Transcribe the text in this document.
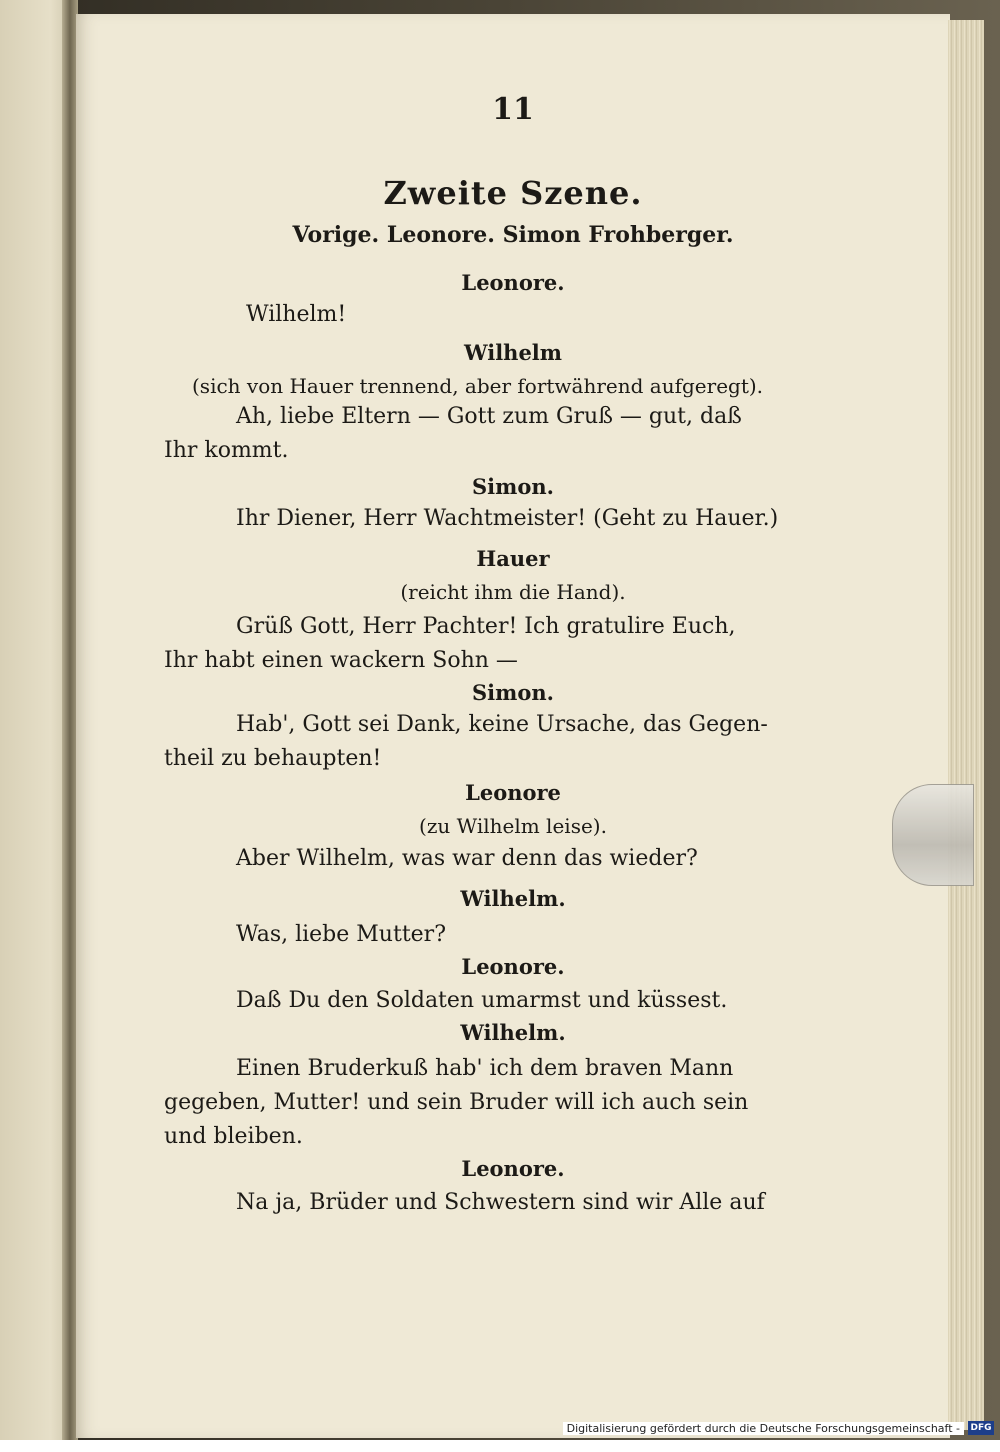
11
Zweite Szene.
Vorige. Leonore. Simon Frohberger.
Leonore.
Wilhelm!
Wilhelm
(sich von Hauer trennend, aber fortwährend aufgeregt).
Ah, liebe Eltern — Gott zum Gruß — gut, daß
Ihr kommt.
Simon.
Ihr Diener, Herr Wachtmeister! (Geht zu Hauer.)
Hauer
(reicht ihm die Hand).
Grüß Gott, Herr Pachter! Ich gratulire Euch,
Ihr habt einen wackern Sohn —
Simon.
Hab', Gott sei Dank, keine Ursache, das Gegen-
theil zu behaupten!
Leonore
(zu Wilhelm leise).
Aber Wilhelm, was war denn das wieder?
Wilhelm.
Was, liebe Mutter?
Leonore.
Daß Du den Soldaten umarmst und küssest.
Wilhelm.
Einen Bruderkuß hab' ich dem braven Mann
gegeben, Mutter! und sein Bruder will ich auch sein
und bleiben.
Leonore.
Na ja, Brüder und Schwestern sind wir Alle auf
Digitalisierung gefördert durch die Deutsche Forschungsgemeinschaft -	DFG
